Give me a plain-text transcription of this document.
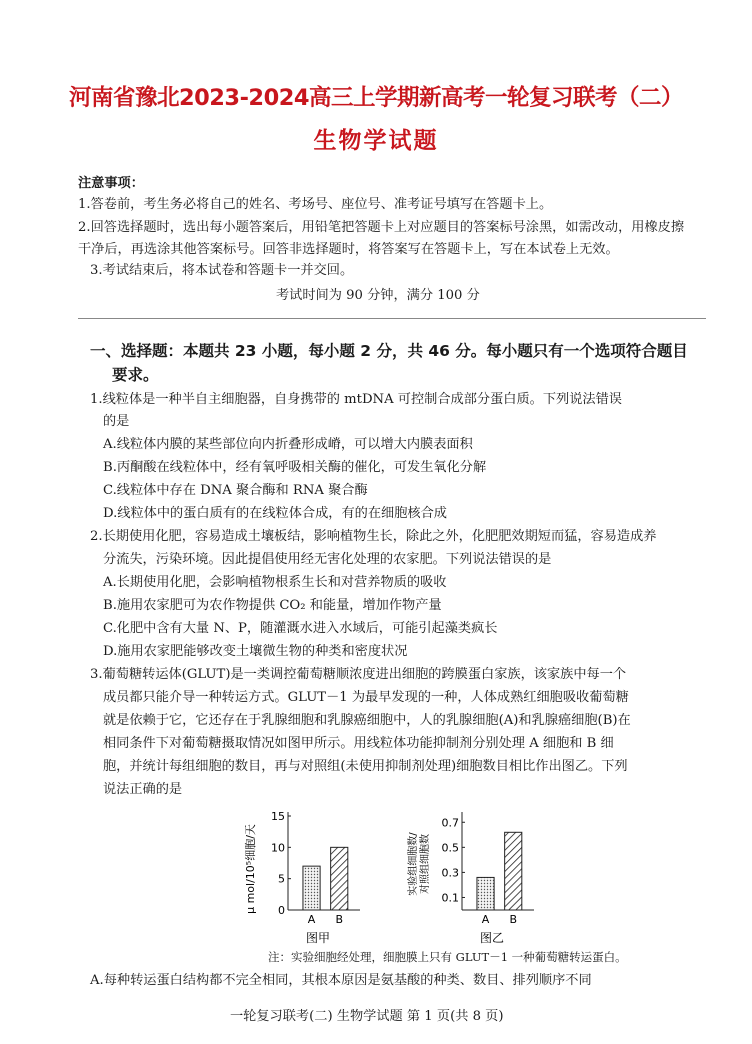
河南省豫北2023-2024高三上学期新高考一轮复习联考（二）
生物学试题
注意事项：
1.答卷前，考生务必将自己的姓名、考场号、座位号、准考证号填写在答题卡上。
2.回答选择题时，选出每小题答案后，用铅笔把答题卡上对应题目的答案标号涂黑，如需改动，用橡皮擦
干净后，再选涂其他答案标号。回答非选择题时，将答案写在答题卡上，写在本试卷上无效。
3.考试结束后，将本试卷和答题卡一并交回。
考试时间为 90 分钟，满分 100 分
一、选择题：本题共 23 小题，每小题 2 分，共 46 分。每小题只有一个选项符合题目
要求。
1.线粒体是一种半自主细胞器，自身携带的 mtDNA 可控制合成部分蛋白质。下列说法错误
的是
A.线粒体内膜的某些部位向内折叠形成嵴，可以增大内膜表面积
B.丙酮酸在线粒体中，经有氧呼吸相关酶的催化，可发生氧化分解
C.线粒体中存在 DNA 聚合酶和 RNA 聚合酶
D.线粒体中的蛋白质有的在线粒体合成，有的在细胞核合成
2.长期使用化肥，容易造成土壤板结，影响植物生长，除此之外，化肥肥效期短而猛，容易造成养
分流失，污染环境。因此提倡使用经无害化处理的农家肥。下列说法错误的是
A.长期使用化肥，会影响植物根系生长和对营养物质的吸收
B.施用农家肥可为农作物提供 CO₂ 和能量，增加作物产量
C.化肥中含有大量 N、P，随灌溉水进入水域后，可能引起藻类疯长
D.施用农家肥能够改变土壤微生物的种类和密度状况
3.葡萄糖转运体(GLUT)是一类调控葡萄糖顺浓度进出细胞的跨膜蛋白家族，该家族中每一个
成员都只能介导一种转运方式。GLUT－1 为最早发现的一种，人体成熟红细胞吸收葡萄糖
就是依赖于它，它还存在于乳腺细胞和乳腺癌细胞中，人的乳腺细胞(A)和乳腺癌细胞(B)在
相同条件下对葡萄糖摄取情况如图甲所示。用线粒体功能抑制剂分别处理 A 细胞和 B 细
胞，并统计每组细胞的数目，再与对照组(未使用抑制剂处理)细胞数目相比作出图乙。下列
说法正确的是
0
5
10
15
A B
μ mol/10⁵细胞/天
图甲
0.1
0.3
0.5
0.7
A B
实验组细胞数/ 对照组细胞数
图乙
注：实验细胞经处理，细胞膜上只有 GLUT－1 一种葡萄糖转运蛋白。
A.每种转运蛋白结构都不完全相同，其根本原因是氨基酸的种类、数目、排列顺序不同
一轮复习联考(二) 生物学试题 第 1 页(共 8 页)
